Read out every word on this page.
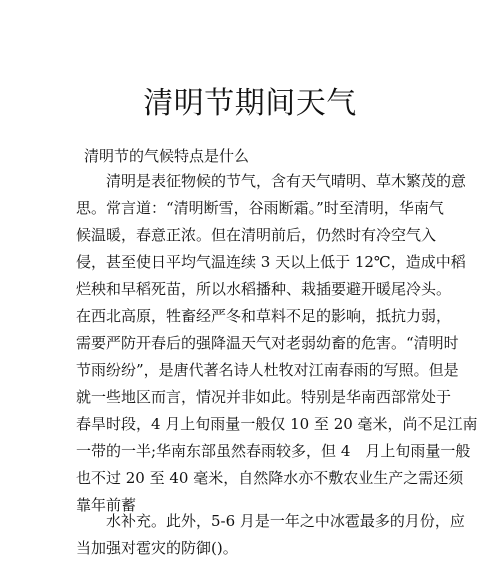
清明节期间天气
清明节的气候特点是什么
清明是表征物候的节气，含有天气晴明、草木繁茂的意
思。常言道：“清明断雪，谷雨断霜。”时至清明，华南气
候温暖，春意正浓。但在清明前后，仍然时有冷空气入
侵，甚至使日平均气温连续 3 天以上低于 12℃，造成中稻
烂秧和早稻死苗，所以水稻播种、栽插要避开暖尾冷头。
在西北高原，牲畜经严冬和草料不足的影响，抵抗力弱，
需要严防开春后的强降温天气对老弱幼畜的危害。“清明时
节雨纷纷”，是唐代著名诗人杜牧对江南春雨的写照。但是
就一些地区而言，情况并非如此。特别是华南西部常处于
春旱时段，4 月上旬雨量一般仅 10 至 20 毫米，尚不足江南
一带的一半;华南东部虽然春雨较多，但 4　月上旬雨量一般
也不过 20 至 40 毫米，自然降水亦不敷农业生产之需还须
靠年前蓄
水补充。此外，5-6 月是一年之中冰雹最多的月份，应
当加强对雹灾的防御()。
